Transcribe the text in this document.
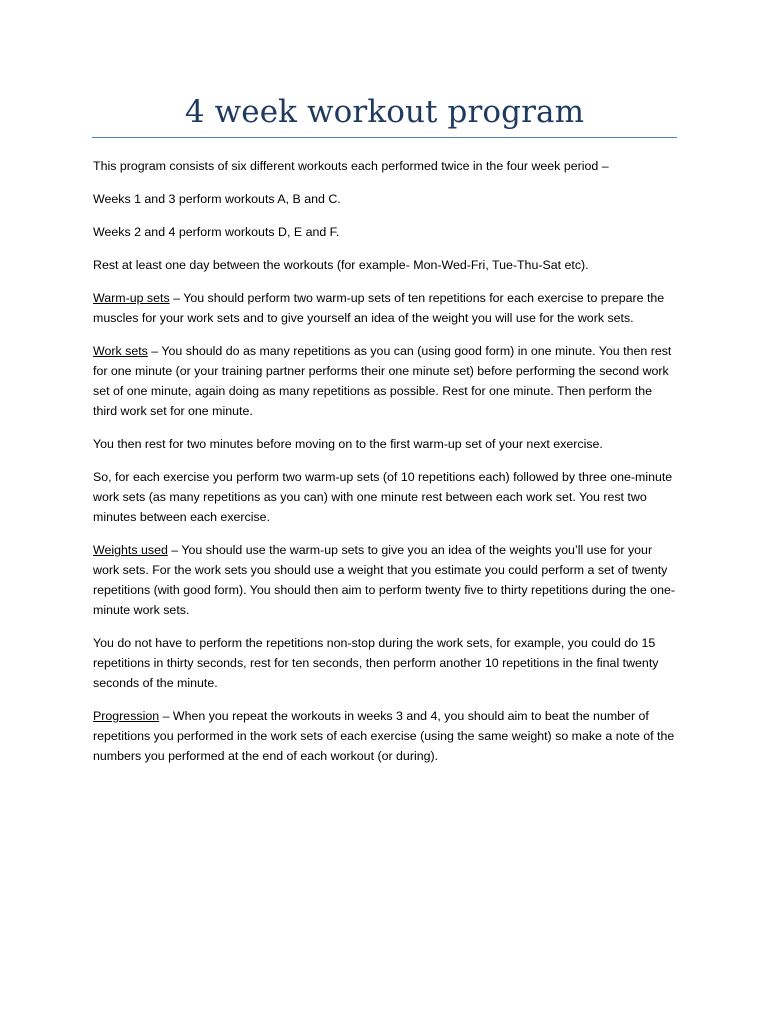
4 week workout program

This program consists of six different workouts each performed twice in the four week period –

Weeks 1 and 3 perform workouts A, B and C.

Weeks 2 and 4 perform workouts D, E and F.

Rest at least one day between the workouts (for example- Mon-Wed-Fri, Tue-Thu-Sat etc).

Warm-up sets – You should perform two warm-up sets of ten repetitions for each exercise to prepare the muscles for your work sets and to give yourself an idea of the weight you will use for the work sets.

Work sets – You should do as many repetitions as you can (using good form) in one minute. You then rest for one minute (or your training partner performs their one minute set) before performing the second work set of one minute, again doing as many repetitions as possible. Rest for one minute. Then perform the third work set for one minute.

You then rest for two minutes before moving on to the first warm-up set of your next exercise.

So, for each exercise you perform two warm-up sets (of 10 repetitions each) followed by three one-minute work sets (as many repetitions as you can) with one minute rest between each work set. You rest two minutes between each exercise.

Weights used – You should use the warm-up sets to give you an idea of the weights you’ll use for your work sets. For the work sets you should use a weight that you estimate you could perform a set of twenty repetitions (with good form). You should then aim to perform twenty five to thirty repetitions during the one-minute work sets.

You do not have to perform the repetitions non-stop during the work sets, for example, you could do 15 repetitions in thirty seconds, rest for ten seconds, then perform another 10 repetitions in the final twenty seconds of the minute.

Progression – When you repeat the workouts in weeks 3 and 4, you should aim to beat the number of repetitions you performed in the work sets of each exercise (using the same weight) so make a note of the numbers you performed at the end of each workout (or during).
